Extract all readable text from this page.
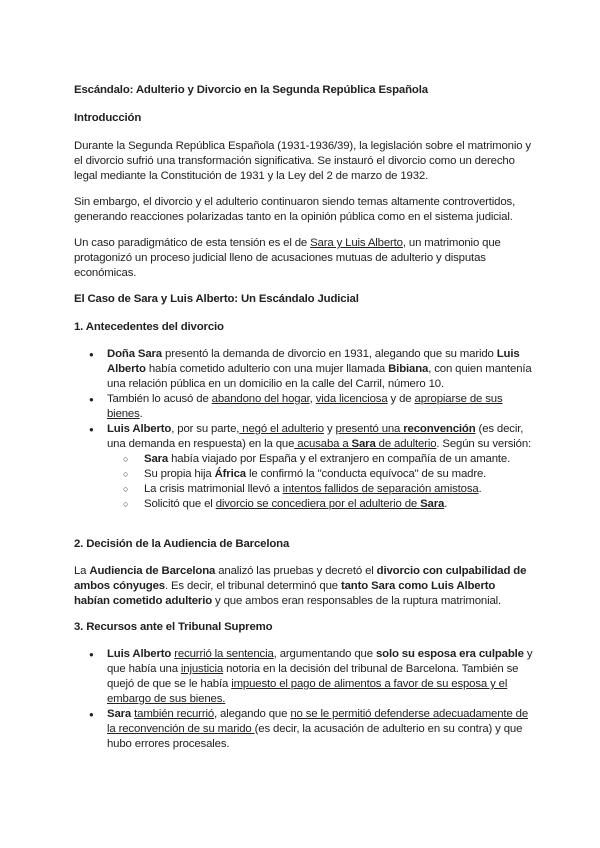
Escándalo: Adulterio y Divorcio en la Segunda República Española
Introducción

Durante la Segunda República Española (1931-1936/39), la legislación sobre el matrimonio y el divorcio sufrió una transformación significativa. Se instauró el divorcio como un derecho legal mediante la Constitución de 1931 y la Ley del 2 de marzo de 1932.

Sin embargo, el divorcio y el adulterio continuaron siendo temas altamente controvertidos, generando reacciones polarizadas tanto en la opinión pública como en el sistema judicial.

Un caso paradigmático de esta tensión es el de Sara y Luis Alberto, un matrimonio que protagonizó un proceso judicial lleno de acusaciones mutuas de adulterio y disputas económicas.

El Caso de Sara y Luis Alberto: Un Escándalo Judicial
1. Antecedentes del divorcio
● Doña Sara presentó la demanda de divorcio en 1931, alegando que su marido Luis Alberto había cometido adulterio con una mujer llamada Bibiana, con quien mantenía una relación pública en un domicilio en la calle del Carril, número 10.
● También lo acusó de abandono del hogar, vida licenciosa y de apropiarse de sus bienes.
● Luis Alberto, por su parte, negó el adulterio y presentó una reconvención (es decir, una demanda en respuesta) en la que acusaba a Sara de adulterio. Según su versión:
○ Sara había viajado por España y el extranjero en compañía de un amante.
○ Su propia hija África le confirmó la "conducta equívoca" de su madre.
○ La crisis matrimonial llevó a intentos fallidos de separación amistosa.
○ Solicitó que el divorcio se concediera por el adulterio de Sara.
2. Decisión de la Audiencia de Barcelona

La Audiencia de Barcelona analizó las pruebas y decretó el divorcio con culpabilidad de ambos cónyuges. Es decir, el tribunal determinó que tanto Sara como Luis Alberto habían cometido adulterio y que ambos eran responsables de la ruptura matrimonial.

3. Recursos ante el Tribunal Supremo
● Luis Alberto recurrió la sentencia, argumentando que solo su esposa era culpable y que había una injusticia notoria en la decisión del tribunal de Barcelona. También se quejó de que se le había impuesto el pago de alimentos a favor de su esposa y el embargo de sus bienes.
● Sara también recurrió, alegando que no se le permitió defenderse adecuadamente de la reconvención de su marido (es decir, la acusación de adulterio en su contra) y que hubo errores procesales.
